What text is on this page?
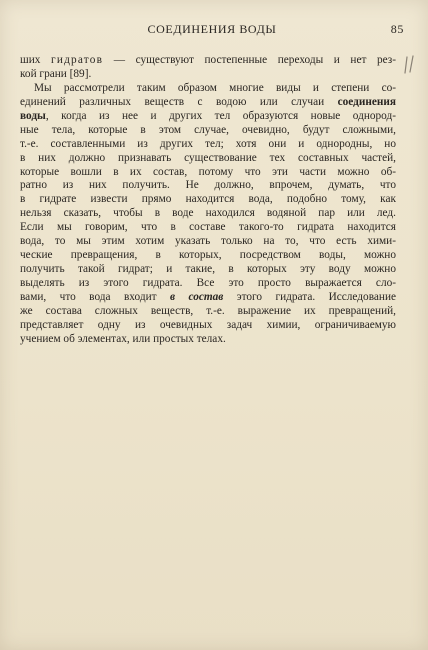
СОЕДИНЕНИЯ ВОДЫ	85
ших гидратов — существуют постепенные переходы и нет рез-
кой грани [89].
Мы рассмотрели таким образом многие виды и степени со-
единений различных веществ с водою или случаи соединения
воды, когда из нее и других тел образуются новые однород-
ные тела, которые в этом случае, очевидно, будут сложными,
т.-е. составленными из других тел; хотя они и однородны, но
в них должно признавать существование тех составных частей,
которые вошли в их состав, потому что эти части можно об-
ратно из них получить. Не должно, впрочем, думать, что
в гидрате извести прямо находится вода, подобно тому, как
нельзя сказать, чтобы в воде находился водяной пар или лед.
Если мы говорим, что в составе такого-то гидрата находится
вода, то мы этим хотим указать только на то, что есть хими-
ческие превращения, в которых, посредством воды, можно
получить такой гидрат; и такие, в которых эту воду можно
выделять из этого гидрата. Все это просто выражается сло-
вами, что вода входит в состав этого гидрата. Исследование
же состава сложных веществ, т.-е. выражение их превращений,
представляет одну из очевидных задач химии, ограничиваемую
учением об элементах, или простых телах.
